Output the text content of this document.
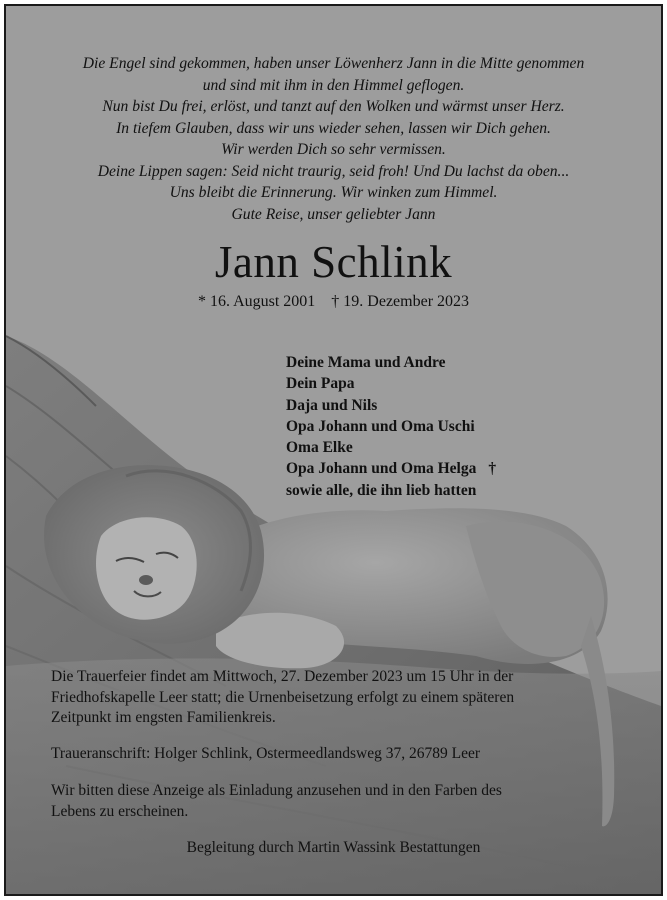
Die Engel sind gekommen, haben unser Löwenherz Jann in die Mitte genommen
und sind mit ihm in den Himmel geflogen.
Nun bist Du frei, erlöst, und tanzt auf den Wolken und wärmst unser Herz.
In tiefem Glauben, dass wir uns wieder sehen, lassen wir Dich gehen.
Wir werden Dich so sehr vermissen.
Deine Lippen sagen: Seid nicht traurig, seid froh! Und Du lachst da oben...
Uns bleibt die Erinnerung. Wir winken zum Himmel.
Gute Reise, unser geliebter Jann
Jann Schlink
* 16. August 2001 † 19. Dezember 2023
Deine Mama und Andre
Dein Papa
Daja und Nils
Opa Johann und Oma Uschi
Oma Elke
Opa Johann und Oma Helga †
sowie alle, die ihn lieb hatten
Die Trauerfeier findet am Mittwoch, 27. Dezember 2023 um 15 Uhr in der
Friedhofskapelle Leer statt; die Urnenbeisetzung erfolgt zu einem späteren
Zeitpunkt im engsten Familienkreis.
Traueranschrift: Holger Schlink, Ostermeedlandsweg 37, 26789 Leer
Wir bitten diese Anzeige als Einladung anzusehen und in den Farben des
Lebens zu erscheinen.
Begleitung durch Martin Wassink Bestattungen
